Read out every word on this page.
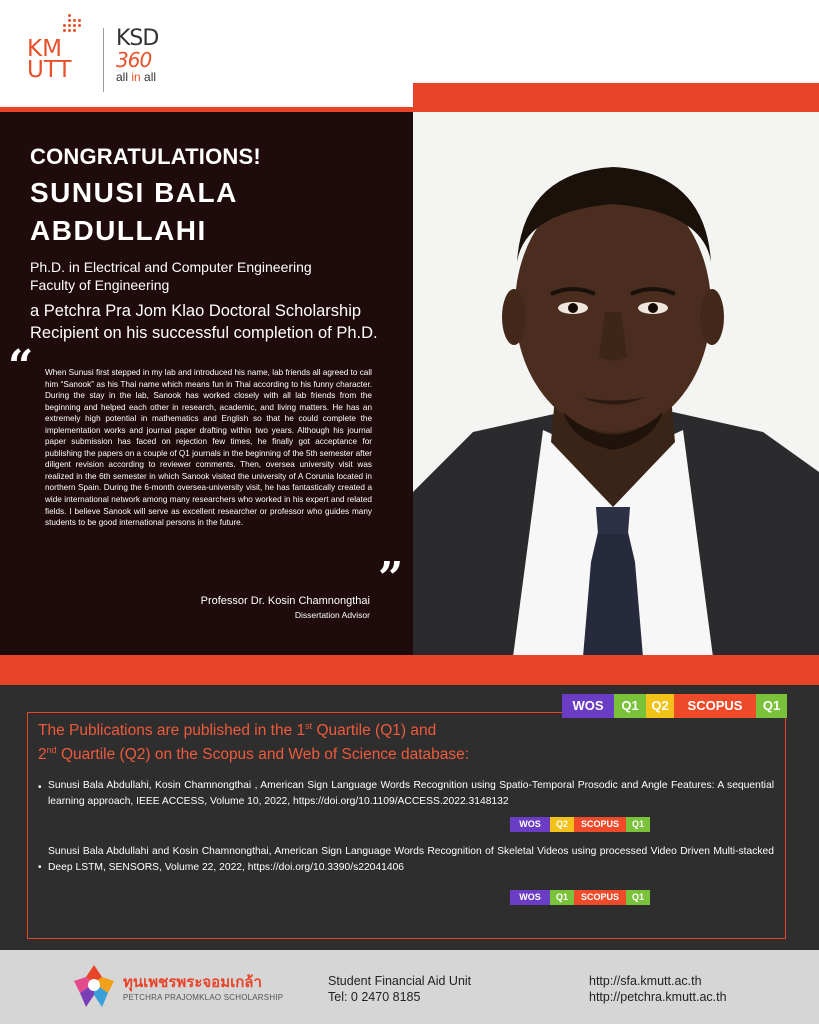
KM
UTT
KSD
360
all in all
CONGRATULATIONS!
SUNUSI BALA ABDULLAHI
Ph.D. in Electrical and Computer Engineering
Faculty of Engineering
a Petchra Pra Jom Klao Doctoral Scholarship Recipient on his successful completion of Ph.D.
“ When Sunusi first stepped in my lab and introduced his name, lab friends all agreed to call him “Sanook” as his Thai name which means fun in Thai according to his funny character. During the stay in the lab, Sanook has worked closely with all lab friends from the beginning and helped each other in research, academic, and living matters. He has an extremely high potential in mathematics and English so that he could complete the implementation works and journal paper drafting within two years. Although his journal paper submission has faced on rejection few times, he finally got acceptance for publishing the papers on a couple of Q1 journals in the beginning of the 5th semester after diligent revision according to reviewer comments. Then, oversea university visit was realized in the 6th semester in which Sanook visited the university of A Corunia located in northern Spain. During the 6-month oversea-university visit, he has fantastically created a wide international network among many researchers who worked in his expert and related fields. I believe Sanook will serve as excellent researcher or professor who guides many students to be good international persons in the future.
”
Professor Dr. Kosin Chamnongthai
Dissertation Advisor
WOS	Q1 Q2	SCOPUS	Q1
The Publications are published in the 1st Quartile (Q1) and
2nd Quartile (Q2) on the Scopus and Web of Science database:
• Sunusi Bala Abdullahi, Kosin Chamnongthai , American Sign Language Words Recognition using Spatio-Temporal Prosodic and Angle Features: A sequential learning approach, IEEE ACCESS, Volume 10, 2022, https://doi.org/10.1109/ACCESS.2022.3148132
WOS	Q2	SCOPUS	Q1
•
Sunusi Bala Abdullahi and Kosin Chamnongthai, American Sign Language Words Recognition of Skeletal Videos using processed Video Driven Multi-stacked Deep LSTM, SENSORS, Volume 22, 2022, https://doi.org/10.3390/s22041406
WOS	Q1	SCOPUS	Q1
ทุนเพชรพระจอมเกล้า
PETCHRA PRAJOMKLAO SCHOLARSHIP
Student Financial Aid Unit
Tel: 0 2470 8185
http://sfa.kmutt.ac.th
http://petchra.kmutt.ac.th
